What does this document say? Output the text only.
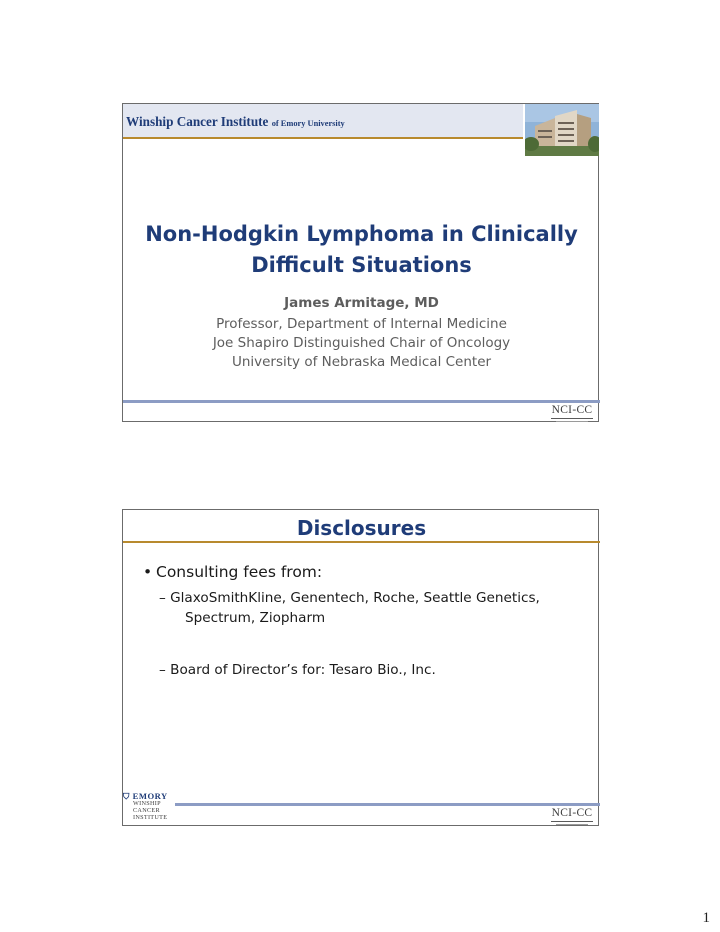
Winship Cancer Institute of Emory University
Non-Hodgkin Lymphoma in Clinically
Difficult Situations
James Armitage, MD
Professor, Department of Internal Medicine
Joe Shapiro Distinguished Chair of Oncology
University of Nebraska Medical Center
NCI-CC
Disclosures
• Consulting fees from:
– GlaxoSmithKline, Genentech, Roche, Seattle Genetics,
Spectrum, Ziopharm
– Board of Director’s for: Tesaro Bio., Inc.
⛉ EMORY
WINSHIP
CANCER
INSTITUTE	NCI-CC
1
